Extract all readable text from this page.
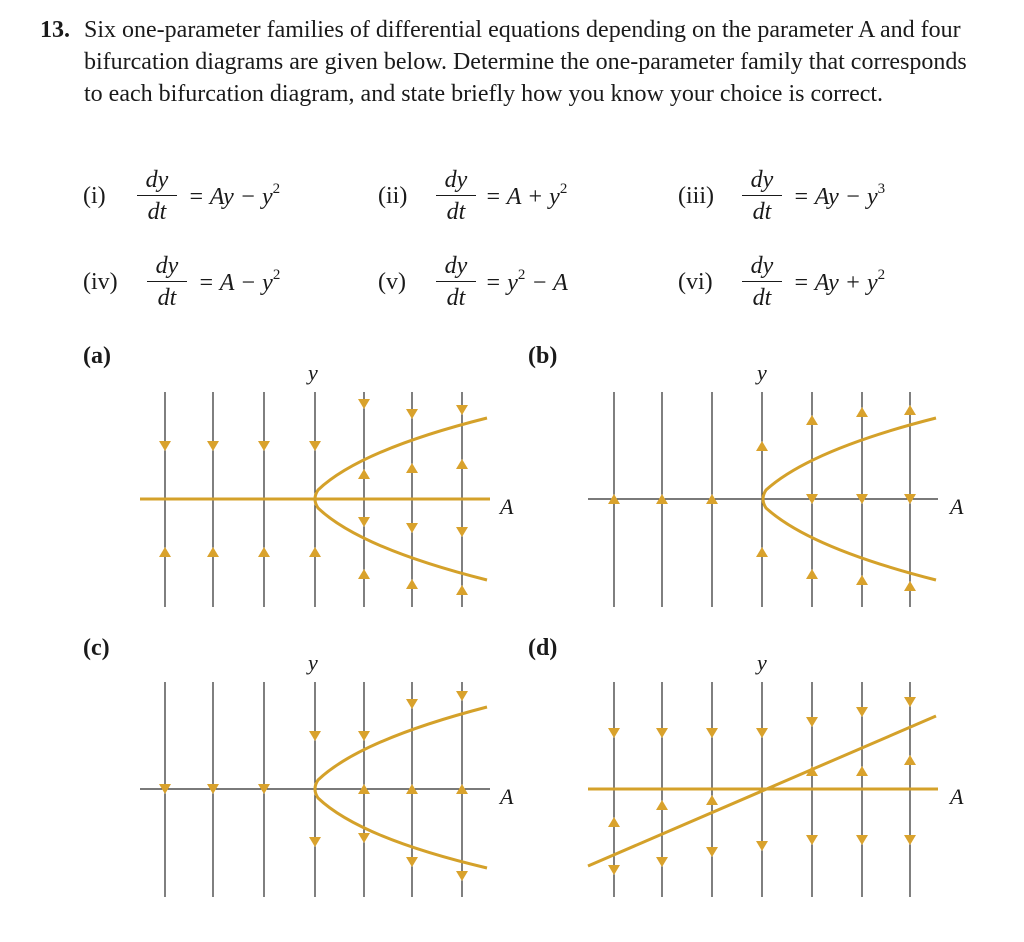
13. Six one-parameter families of differential equations depending on the parameter A and four bifurcation diagrams are given below. Determine the one-parameter family that corresponds to each bifurcation diagram, and state briefly how you know your choice is correct.
(i)
dy
dt
= $Ay - y^2$	(ii)
dy
dt
= $A + y^2$	(iii)
dy
dt
= $Ay - y^3$
(iv)
dy
dt
= $A - y^2$	(v)
dy
dt
= $y^2 - A$	(vi)
dy
dt
= $Ay + y^2$
(a)	(b)
(c)	(d)
y
A
y
A
y
A
y
A
